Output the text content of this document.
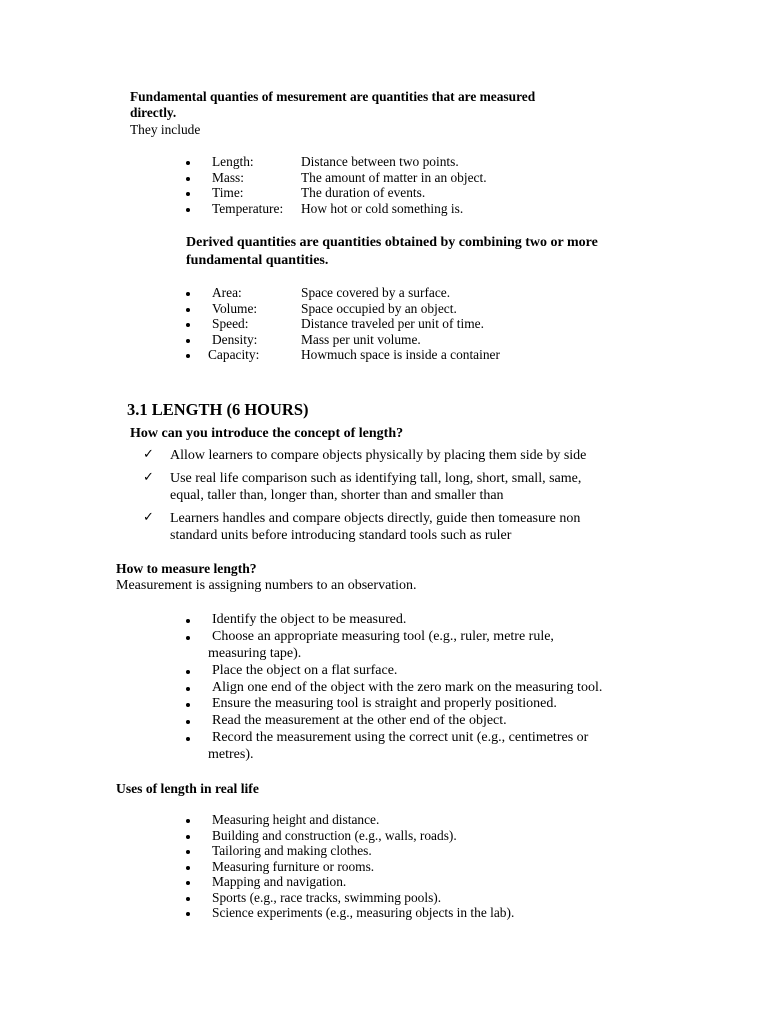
Fundamental quanties of mesurement are quantities that are measured
directly.
They include
Length:	Distance between two points.
Mass:	The amount of matter in an object.
Time:	The duration of events.
Temperature: How hot or cold something is.
Derived quantities are quantities obtained by combining two or more
fundamental quantities.
Area:	Space covered by a surface.
Volume:	Space occupied by an object.
Speed:	Distance traveled per unit of time.
Density:	Mass per unit volume.
Capacity:	Howmuch space is inside a container
3.1 LENGTH (6 HOURS)
How can you introduce the concept of length?
✓ Allow learners to compare objects physically by placing them side by side
✓ Use real life comparison such as identifying tall, long, short, small, same,
equal, taller than, longer than, shorter than and smaller than
✓ Learners handles and compare objects directly, guide then tomeasure non
standard units before introducing standard tools such as ruler
How to measure length?
Measurement is assigning numbers to an observation.
Identify the object to be measured.
Choose an appropriate measuring tool (e.g., ruler, metre rule,
measuring tape).
Place the object on a flat surface.
Align one end of the object with the zero mark on the measuring tool.
Ensure the measuring tool is straight and properly positioned.
Read the measurement at the other end of the object.
Record the measurement using the correct unit (e.g., centimetres or
metres).
Uses of length in real life
Measuring height and distance.
Building and construction (e.g., walls, roads).
Tailoring and making clothes.
Measuring furniture or rooms.
Mapping and navigation.
Sports (e.g., race tracks, swimming pools).
Science experiments (e.g., measuring objects in the lab).
